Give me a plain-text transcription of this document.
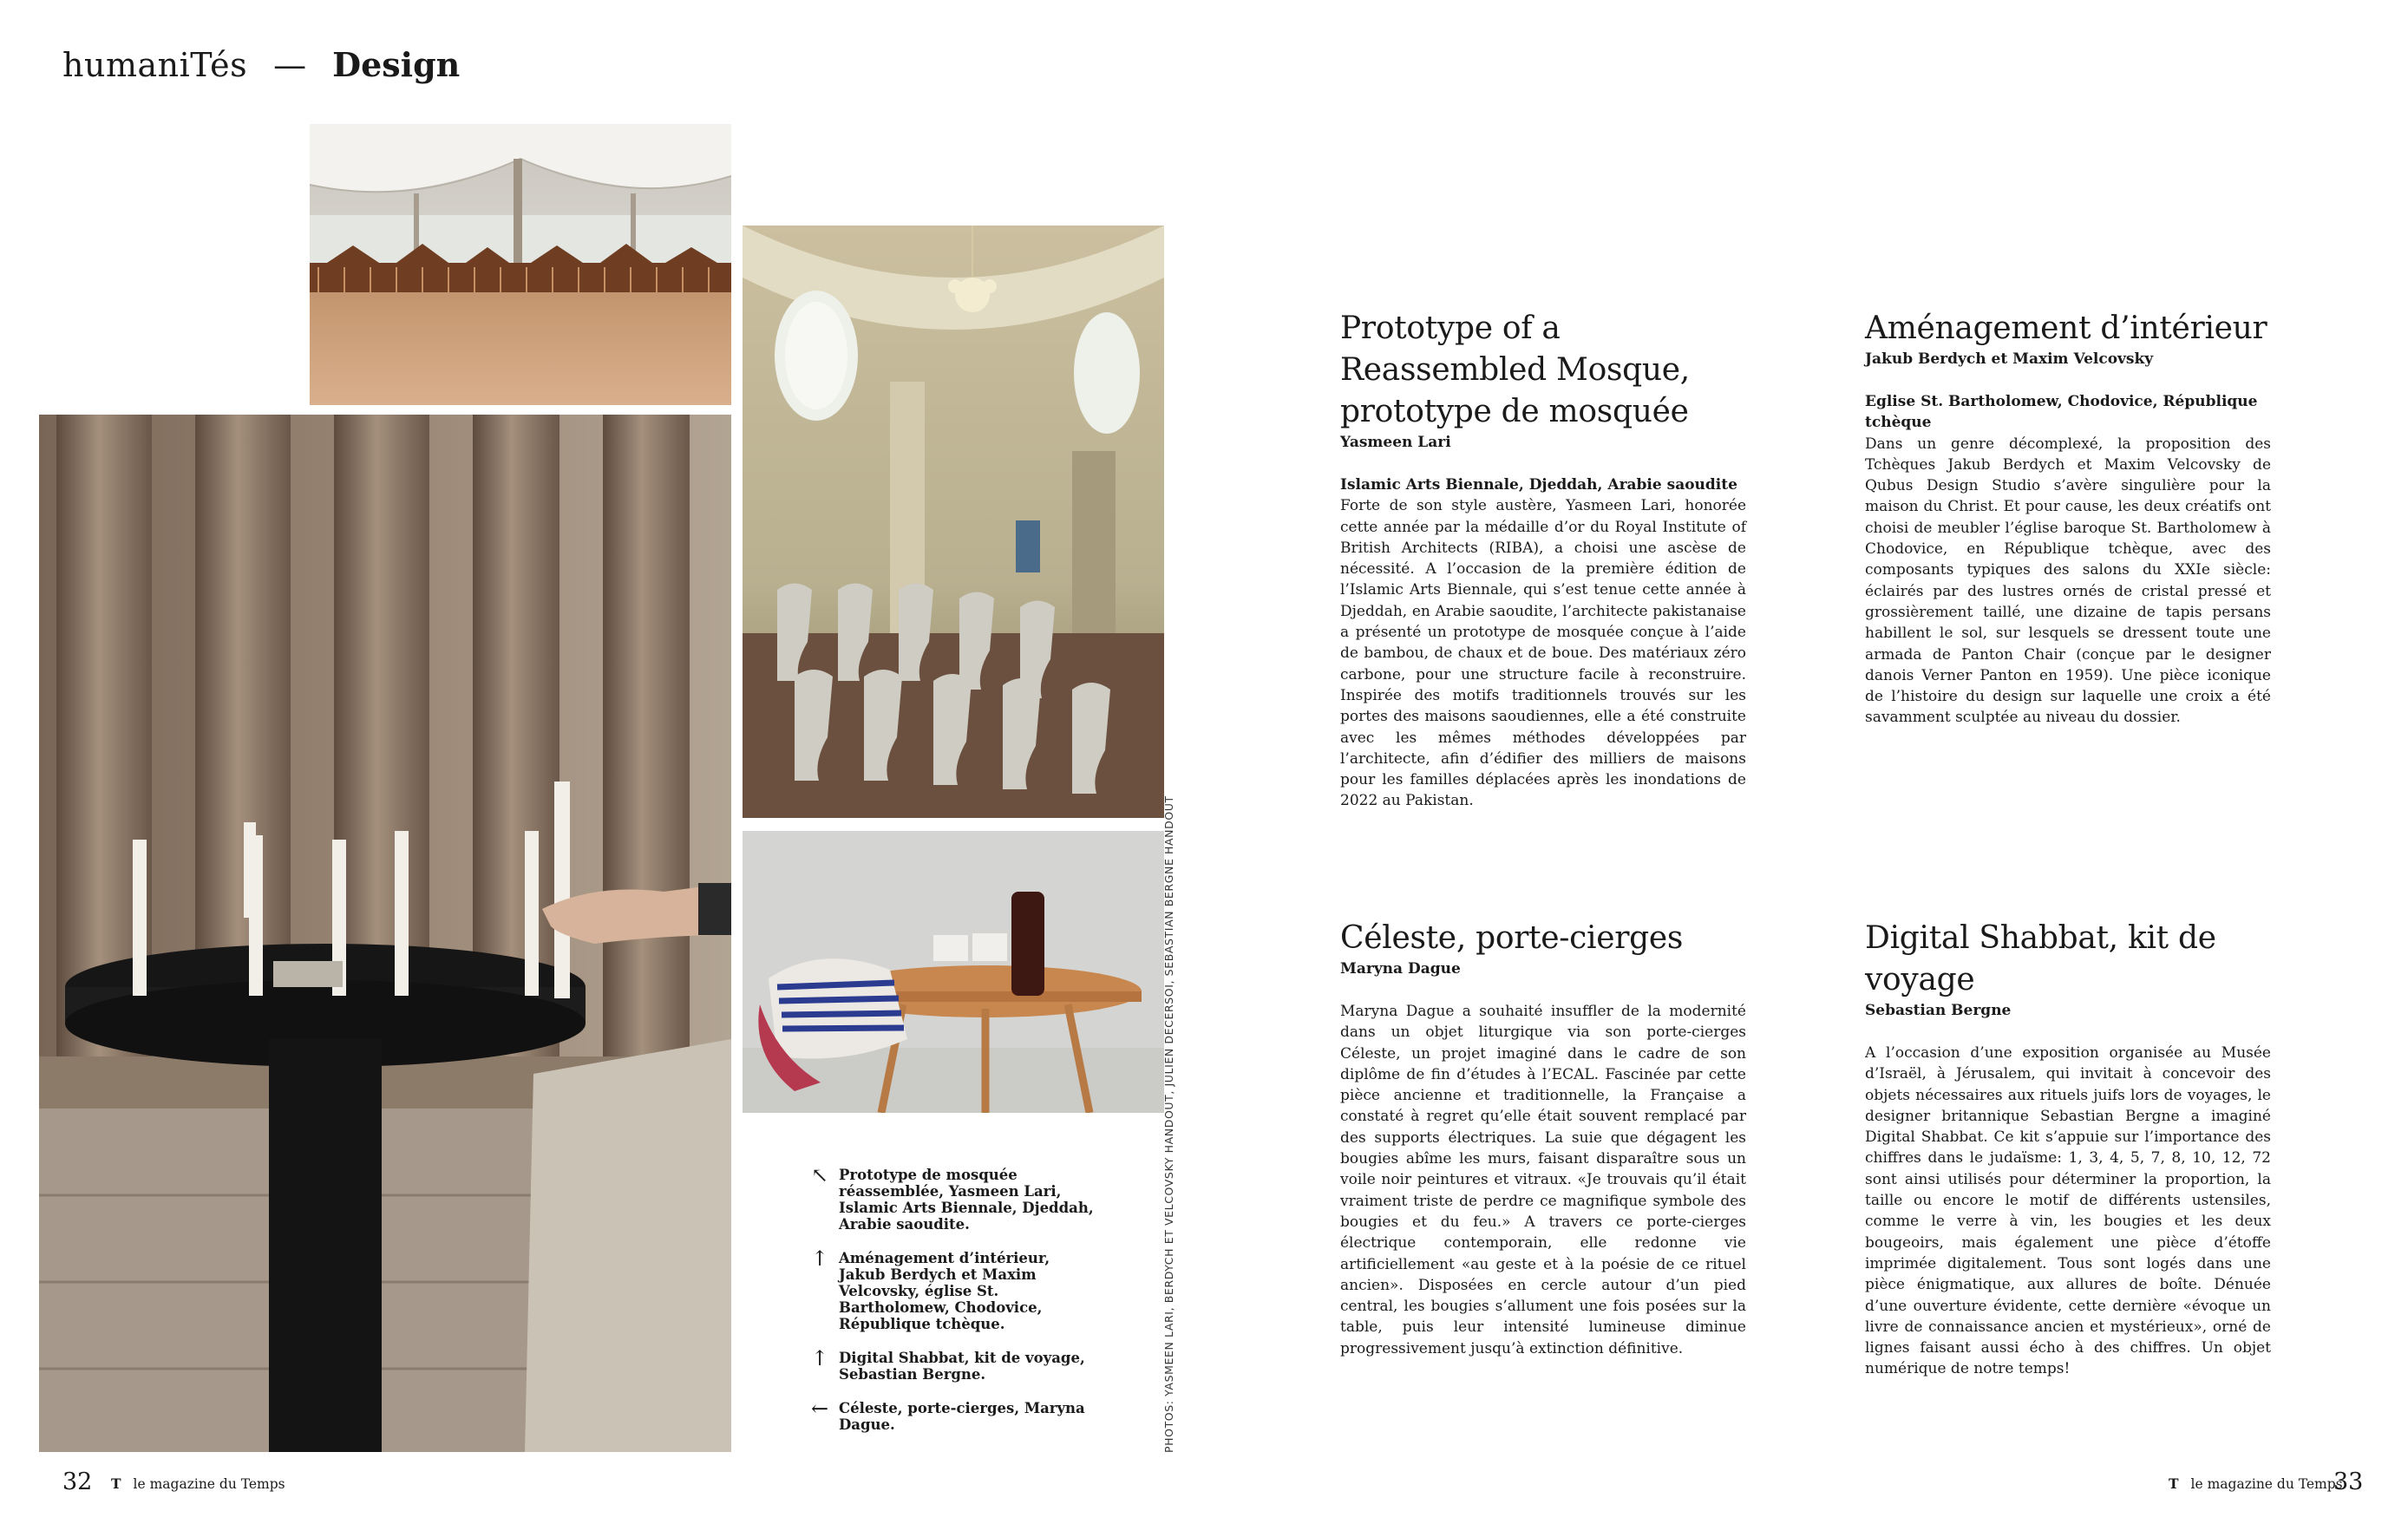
humaniTés — Design
↖ Prototype de mosquée réassemblée, Yasmeen Lari, Islamic Arts Biennale, Djeddah, Arabie saoudite.
↑ Aménagement d’intérieur, Jakub Berdych et Maxim Velcovsky, église St. Bartholomew, Chodovice, République tchèque.
↑ Digital Shabbat, kit de voyage, Sebastian Bergne.
← Céleste, porte-cierges, Maryna Dague.	PHOTOS: YASMEEN LARI, BERDYCH ET VELCOVSKY HANDOUT, JULIEN DECERSOI, SEBASTIAN BERGNE HANDOUT
Prototype of a Reassembled Mosque, prototype de mosquée
Yasmeen Lari
Islamic Arts Biennale, Djeddah, Arabie saoudite

Forte de son style austère, Yasmeen Lari, honorée cette année par la médaille d’or du Royal Institute of British Architects (RIBA), a choisi une ascèse de nécessité. A l’occasion de la première édition de l’Islamic Arts Biennale, qui s’est tenue cette année à Djeddah, en Arabie saoudite, l’architecte pakistanaise a présenté un prototype de mosquée conçue à l’aide de bambou, de chaux et de boue. Des matériaux zéro carbone, pour une structure facile à reconstruire. Inspirée des motifs traditionnels trouvés sur les portes des maisons saoudiennes, elle a été construite avec les mêmes méthodes développées par l’architecte, afin d’édifier des milliers de maisons pour les familles déplacées après les inondations de 2022 au Pakistan.

Aménagement d’intérieur
Jakub Berdych et Maxim Velcovsky
Eglise St. Bartholomew, Chodovice, République tchèque

Dans un genre décomplexé, la proposition des Tchèques Jakub Berdych et Maxim Velcovsky de Qubus Design Studio s’avère singulière pour la maison du Christ. Et pour cause, les deux créatifs ont choisi de meubler l’église baroque St. Bartholomew à Chodovice, en République tchèque, avec des composants typiques des salons du XXIe siècle: éclairés par des lustres ornés de cristal pressé et grossièrement taillé, une dizaine de tapis persans habillent le sol, sur lesquels se dressent toute une armada de Panton Chair (conçue par le designer danois Verner Panton en 1959). Une pièce iconique de l’histoire du design sur laquelle une croix a été savamment sculptée au niveau du dossier.

Céleste, porte-cierges
Maryna Dague

Maryna Dague a souhaité insuffler de la modernité dans un objet liturgique via son porte-cierges Céleste, un projet imaginé dans le cadre de son diplôme de fin d’études à l’ECAL. Fascinée par cette pièce ancienne et traditionnelle, la Française a constaté à regret qu’elle était souvent remplacé par des supports électriques. La suie que dégagent les bougies abîme les murs, faisant disparaître sous un voile noir peintures et vitraux. «Je trouvais qu’il était vraiment triste de perdre ce magnifique symbole des bougies et du feu.» A travers ce porte-cierges électrique contemporain, elle redonne vie artificiellement «au geste et à la poésie de ce rituel ancien». Disposées en cercle autour d’un pied central, les bougies s’allument une fois posées sur la table, puis leur intensité lumineuse diminue progressivement jusqu’à extinction définitive.

Digital Shabbat, kit de voyage
Sebastian Bergne

A l’occasion d’une exposition organisée au Musée d’Israël, à Jérusalem, qui invitait à concevoir des objets nécessaires aux rituels juifs lors de voyages, le designer britannique Sebastian Bergne a imaginé Digital Shabbat. Ce kit s’appuie sur l’importance des chiffres dans le judaïsme: 1, 3, 4, 5, 7, 8, 10, 12, 72 sont ainsi utilisés pour déterminer la proportion, la taille ou encore le motif de différents ustensiles, comme le verre à vin, les bougies et les deux bougeoirs, mais également une pièce d’étoffe imprimée digitalement. Tous sont logés dans une pièce énigmatique, aux allures de boîte. Dénuée d’une ouverture évidente, cette dernière «évoque un livre de connaissance ancien et mystérieux», orné de lignes faisant aussi écho à des chiffres. Un objet numérique de notre temps!

32 T le magazine du Temps	T le magazine du Temps
33
